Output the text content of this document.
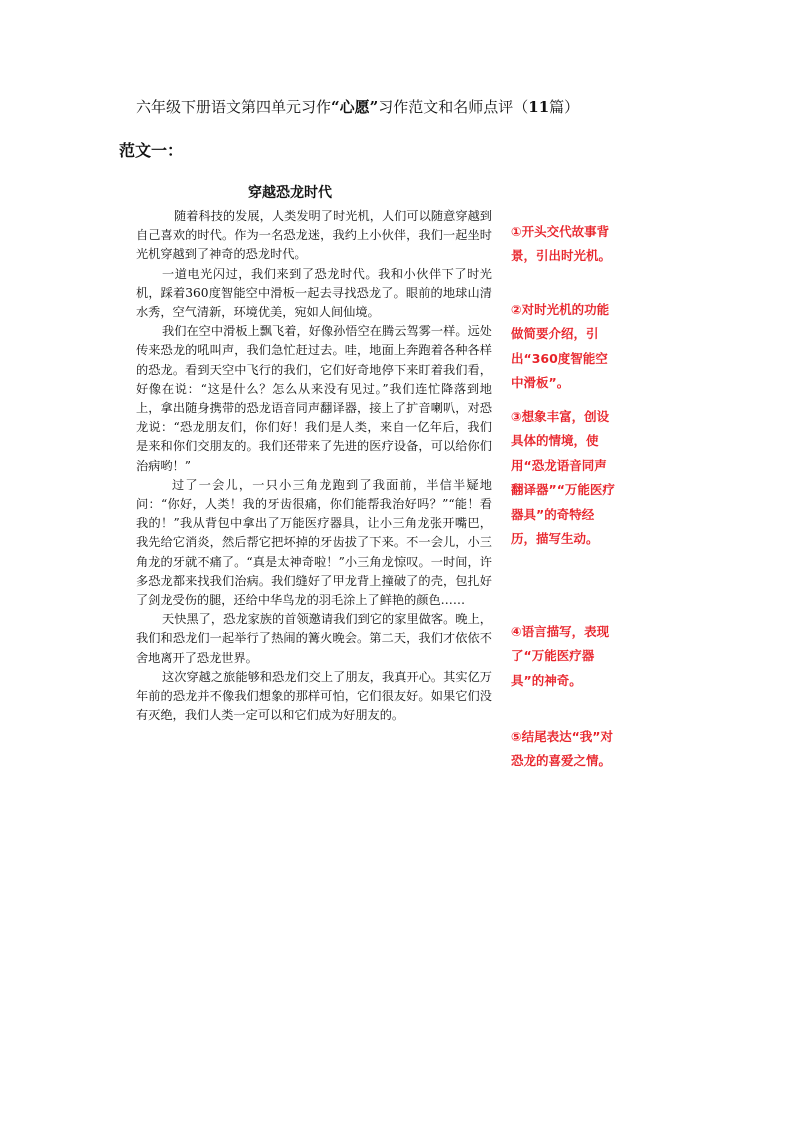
六年级下册语文第四单元习作“心愿”习作范文和名师点评（11篇）
范文一：
穿越恐龙时代

随着科技的发展，人类发明了时光机，人们可以随意穿越到自己喜欢的时代。作为一名恐龙迷，我约上小伙伴，我们一起坐时光机穿越到了神奇的恐龙时代。

一道电光闪过，我们来到了恐龙时代。我和小伙伴下了时光机，踩着360度智能空中滑板一起去寻找恐龙了。眼前的地球山清水秀，空气清新，环境优美，宛如人间仙境。

我们在空中滑板上飘飞着，好像孙悟空在腾云驾雾一样。远处传来恐龙的吼叫声，我们急忙赶过去。哇，地面上奔跑着各种各样的恐龙。看到天空中飞行的我们，它们好奇地停下来盯着我们看，好像在说：“这是什么？怎么从来没有见过。”我们连忙降落到地上，拿出随身携带的恐龙语音同声翻译器，接上了扩音喇叭，对恐龙说：“恐龙朋友们，你们好！我们是人类，来自一亿年后，我们是来和你们交朋友的。我们还带来了先进的医疗设备，可以给你们治病哟！”

过了一会儿，一只小三角龙跑到了我面前，半信半疑地问：“你好，人类！我的牙齿很痛，你们能帮我治好吗？”“能！看我的！”我从背包中拿出了万能医疗器具，让小三角龙张开嘴巴，我先给它消炎，然后帮它把坏掉的牙齿拔了下来。不一会儿，小三角龙的牙就不痛了。“真是太神奇啦！”小三角龙惊叹。一时间，许多恐龙都来找我们治病。我们缝好了甲龙背上撞破了的壳，包扎好了剑龙受伤的腿，还给中华鸟龙的羽毛涂上了鲜艳的颜色……

天快黑了，恐龙家族的首领邀请我们到它的家里做客。晚上，我们和恐龙们一起举行了热闹的篝火晚会。第二天，我们才依依不舍地离开了恐龙世界。

这次穿越之旅能够和恐龙们交上了朋友，我真开心。其实亿万年前的恐龙并不像我们想象的那样可怕，它们很友好。如果它们没有灭绝，我们人类一定可以和它们成为好朋友的。

①开头交代故事背景，引出时光机。
②对时光机的功能做简要介绍，引出“360度智能空中滑板”。
③想象丰富，创设具体的情境，使用“恐龙语音同声翻译器”“万能医疗器具”的奇特经历，描写生动。
④语言描写，表现了“万能医疗器具”的神奇。
⑤结尾表达“我”对恐龙的喜爱之情。
